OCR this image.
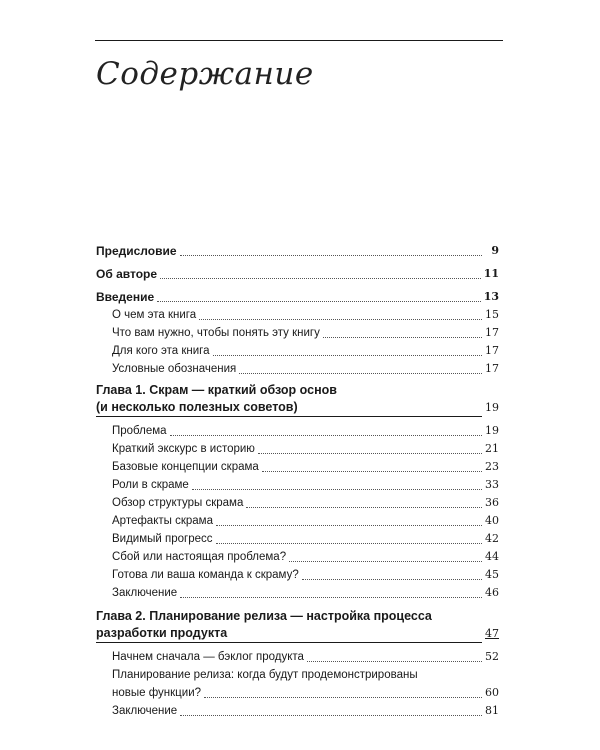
Содержание
Предисловие	9
Об авторе	11
Введение	13
О чем эта книга	15
Что вам нужно, чтобы понять эту книгу	17
Для кого эта книга	17
Условные обозначения	17
Глава 1. Скрам — краткий обзор основ
(и несколько полезных советов)	19
Проблема	19
Краткий экскурс в историю	21
Базовые концепции скрама	23
Роли в скраме	33
Обзор структуры скрама	36
Артефакты скрама	40
Видимый прогресс	42
Сбой или настоящая проблема?	44
Готова ли ваша команда к скраму?	45
Заключение	46
Глава 2. Планирование релиза — настройка процесса
разработки продукта	47
Начнем сначала — бэклог продукта	52
Планирование релиза: когда будут продемонстрированы
новые функции?	60
Заключение	81
